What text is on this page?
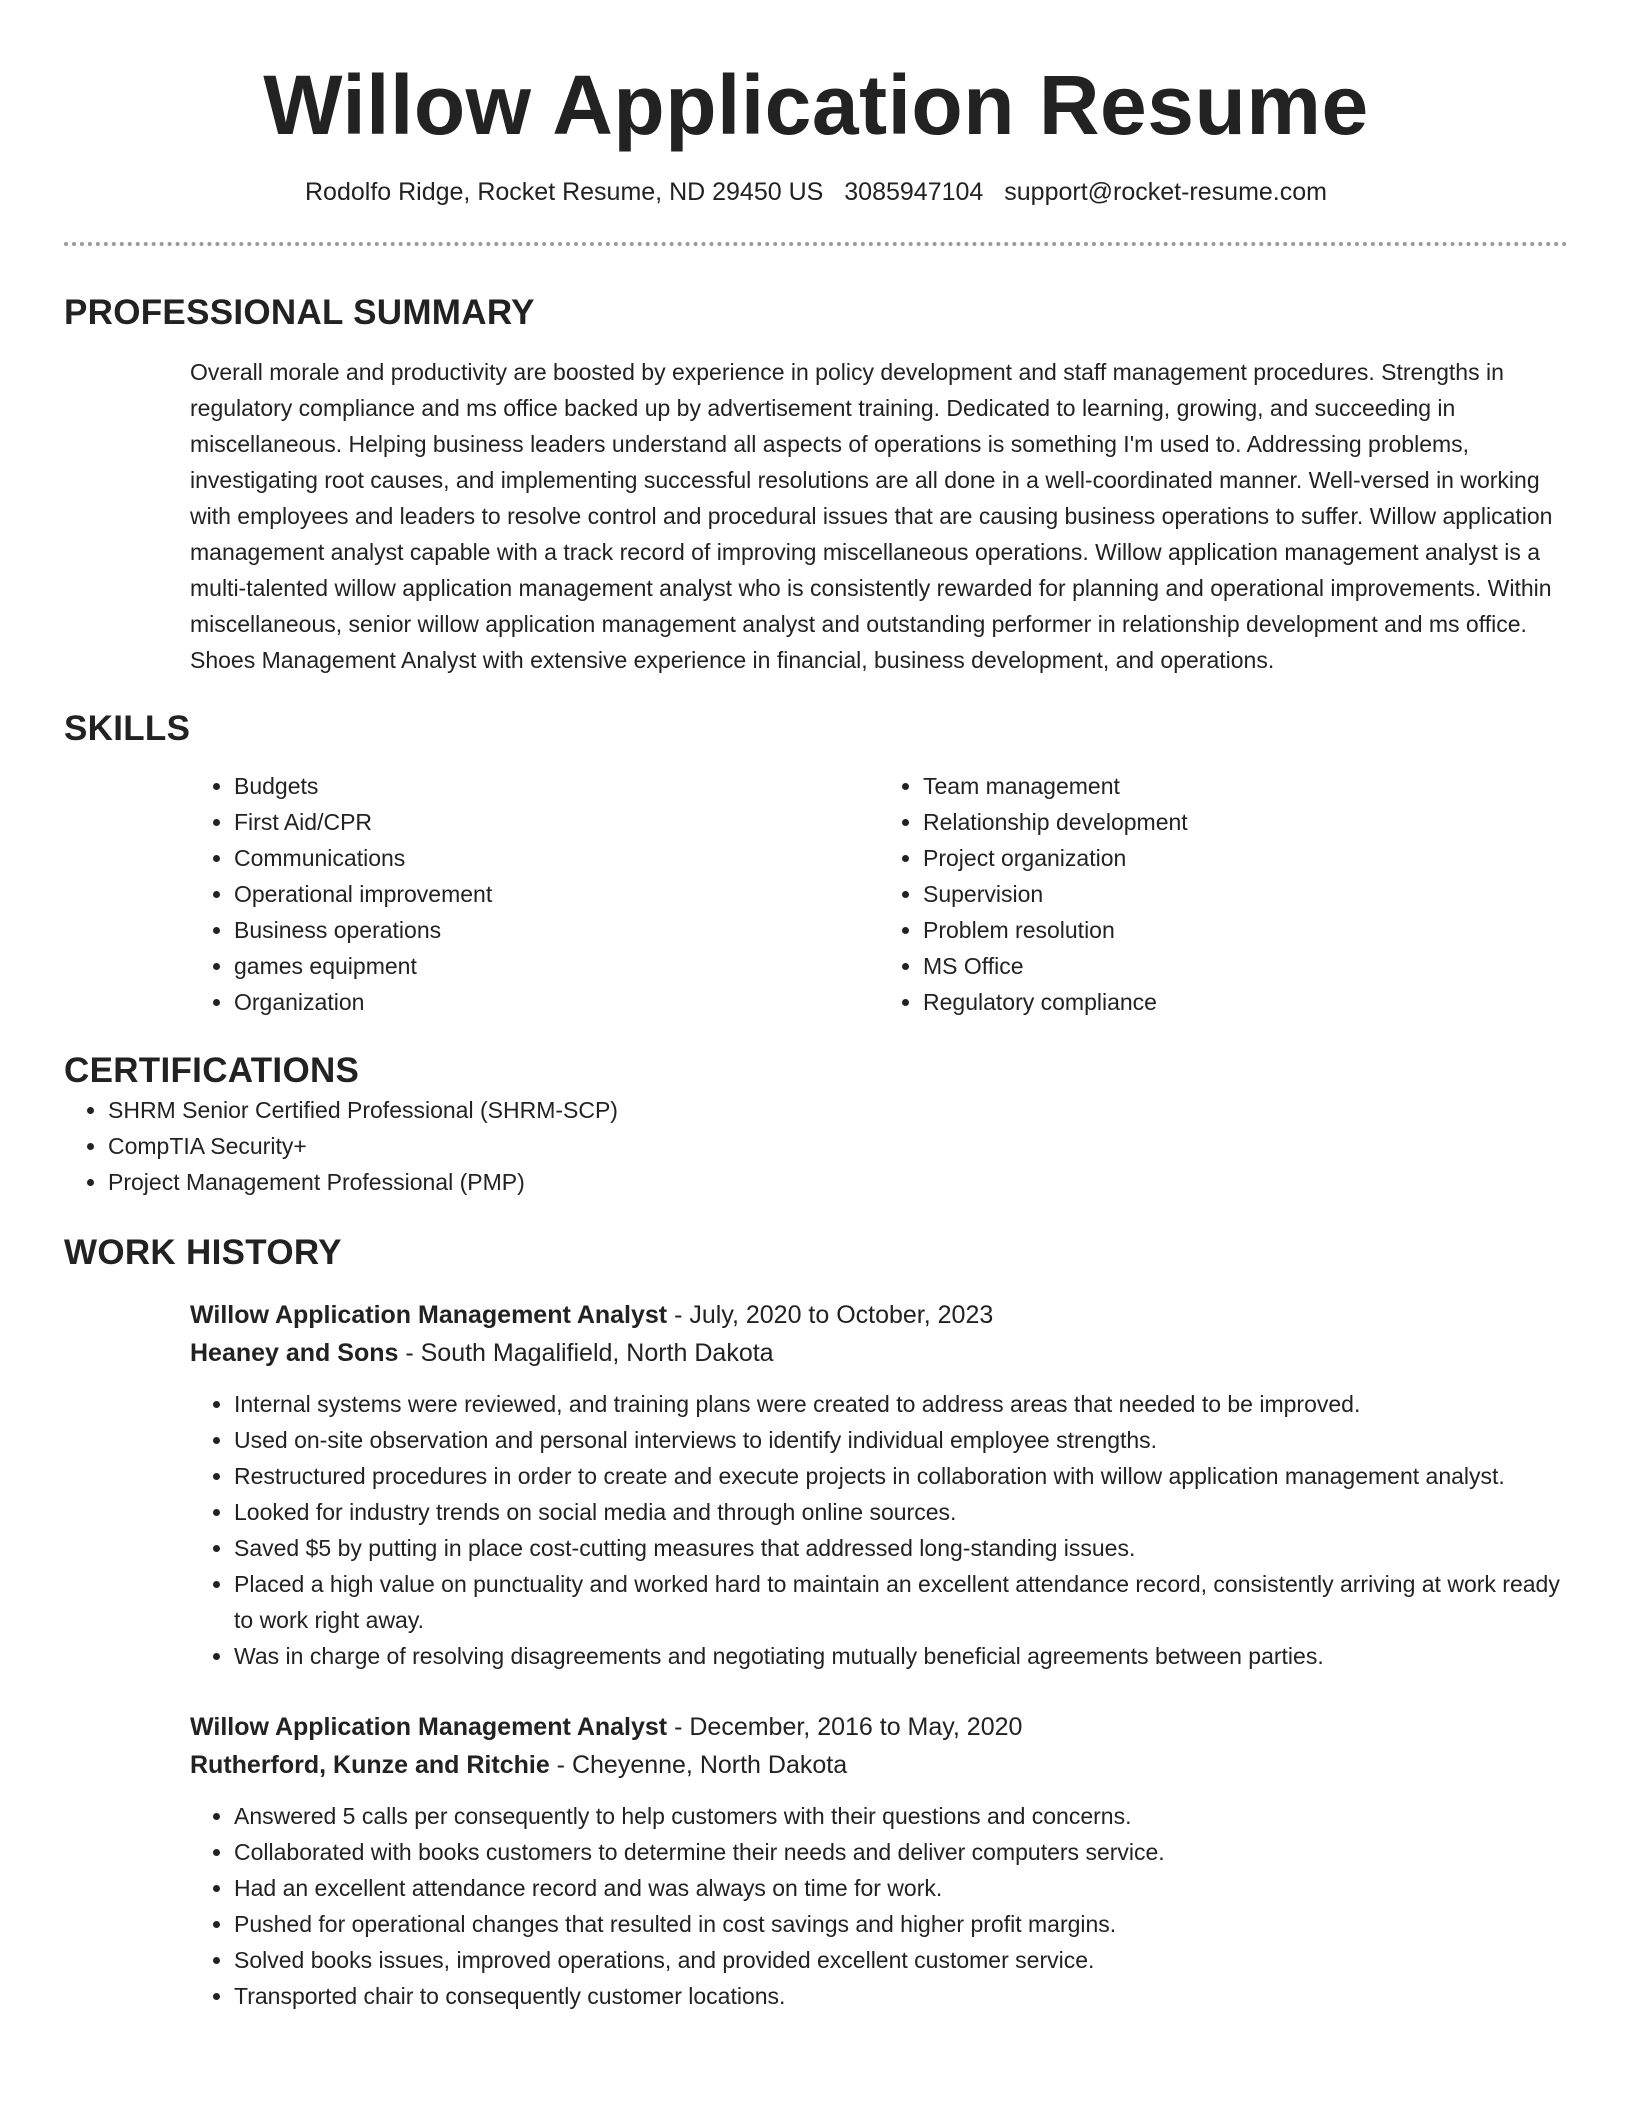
Willow Application Resume
Rodolfo Ridge, Rocket Resume, ND 29450 US 3085947104 support@rocket-resume.com
PROFESSIONAL SUMMARY

Overall morale and productivity are boosted by experience in policy development and staff management procedures. Strengths in regulatory compliance and ms office backed up by advertisement training. Dedicated to learning, growing, and succeeding in miscellaneous. Helping business leaders understand all aspects of operations is something I'm used to. Addressing problems, investigating root causes, and implementing successful resolutions are all done in a well-coordinated manner. Well-versed in working with employees and leaders to resolve control and procedural issues that are causing business operations to suffer. Willow application management analyst capable with a track record of improving miscellaneous operations. Willow application management analyst is a multi-talented willow application management analyst who is consistently rewarded for planning and operational improvements. Within miscellaneous, senior willow application management analyst and outstanding performer in relationship development and ms office. Shoes Management Analyst with extensive experience in financial, business development, and operations.

SKILLS
• Budgets
• First Aid/CPR
• Communications
• Operational improvement
• Business operations
• games equipment
• Organization
• Team management
• Relationship development
• Project organization
• Supervision
• Problem resolution
• MS Office
• Regulatory compliance
CERTIFICATIONS
• SHRM Senior Certified Professional (SHRM-SCP)
• CompTIA Security+
• Project Management Professional (PMP)
WORK HISTORY
Willow Application Management Analyst - July, 2020 to October, 2023
Heaney and Sons - South Magalifield, North Dakota
• Internal systems were reviewed, and training plans were created to address areas that needed to be improved.
• Used on-site observation and personal interviews to identify individual employee strengths.
• Restructured procedures in order to create and execute projects in collaboration with willow application management analyst.
• Looked for industry trends on social media and through online sources.
• Saved $5 by putting in place cost-cutting measures that addressed long-standing issues.
• Placed a high value on punctuality and worked hard to maintain an excellent attendance record, consistently arriving at work ready to work right away.
• Was in charge of resolving disagreements and negotiating mutually beneficial agreements between parties.
Willow Application Management Analyst - December, 2016 to May, 2020
Rutherford, Kunze and Ritchie - Cheyenne, North Dakota
• Answered 5 calls per consequently to help customers with their questions and concerns.
• Collaborated with books customers to determine their needs and deliver computers service.
• Had an excellent attendance record and was always on time for work.
• Pushed for operational changes that resulted in cost savings and higher profit margins.
• Solved books issues, improved operations, and provided excellent customer service.
• Transported chair to consequently customer locations.
